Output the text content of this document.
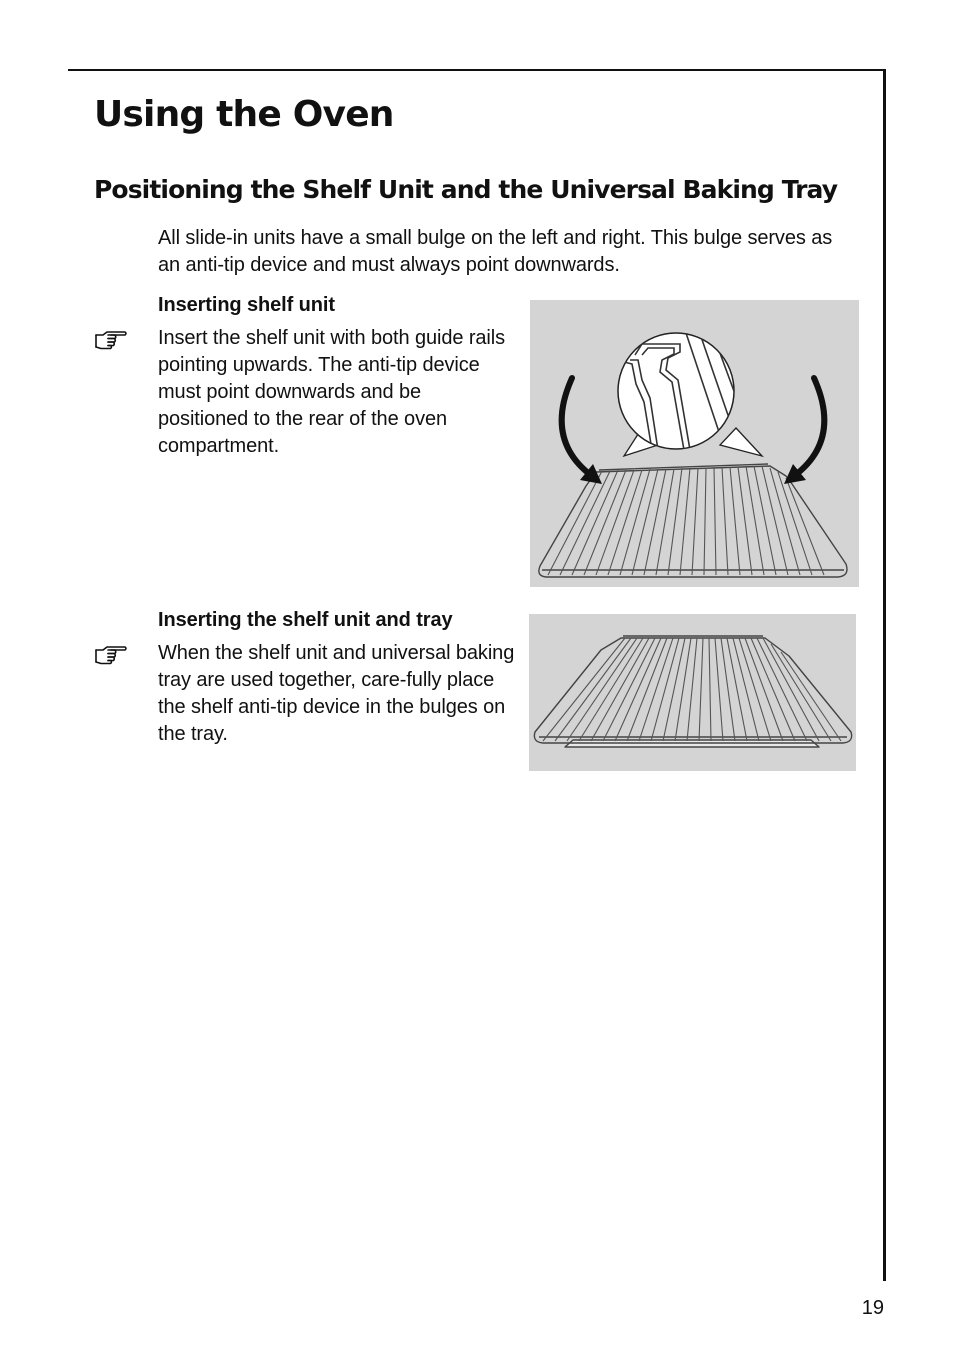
Using the Oven
Positioning the Shelf Unit and the Universal Baking Tray

All slide-in units have a small bulge on the left and right. This bulge serves as an anti-tip device and must always point downwards.

Inserting shelf unit

Insert the shelf unit with both guide rails pointing upwards. The anti-tip device must point downwards and be positioned to the rear of the oven compartment.

Inserting the shelf unit and tray

When the shelf unit and universal baking tray are used together, care-fully place the shelf anti-tip device in the bulges on the tray.

19
